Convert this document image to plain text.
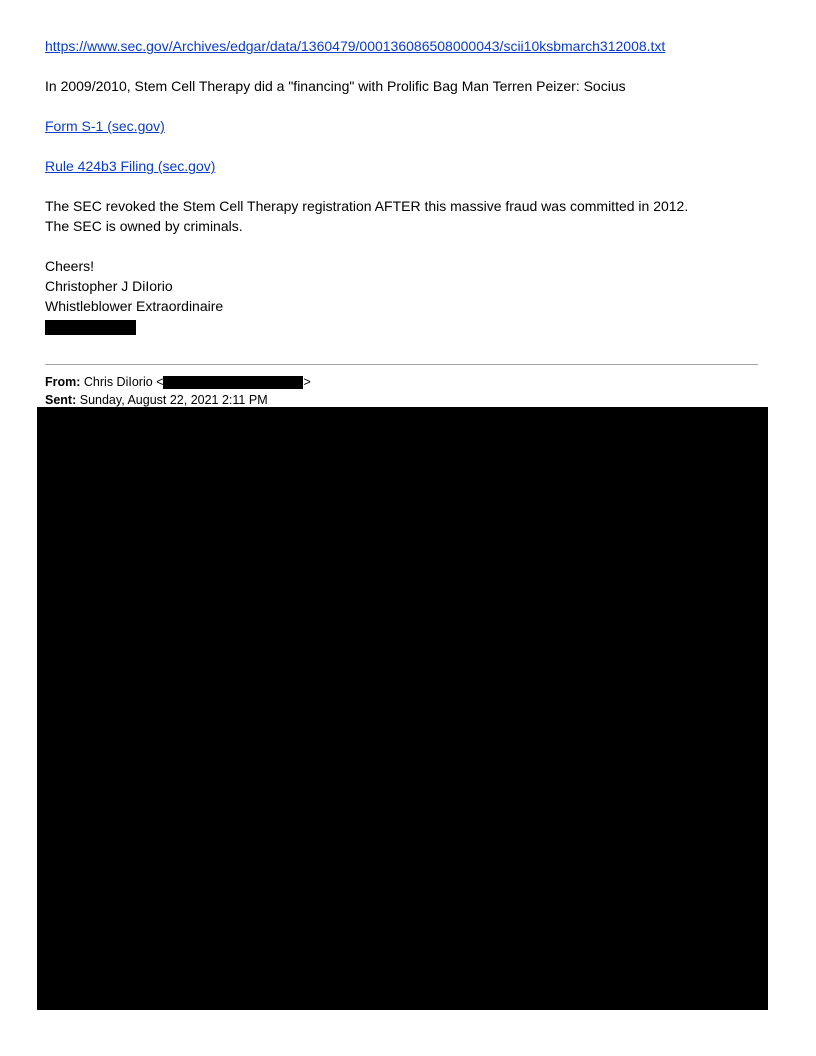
https://www.sec.gov/Archives/edgar/data/1360479/000136086508000043/scii10ksbmarch312008.txt
In 2009/2010, Stem Cell Therapy did a "financing" with Prolific Bag Man Terren Peizer: Socius
Form S-1 (sec.gov)
Rule 424b3 Filing (sec.gov)
The SEC revoked the Stem Cell Therapy registration AFTER this massive fraud was committed in 2012.
The SEC is owned by criminals.
Cheers!
Christopher J DiIorio
Whistleblower Extraordinaire
From: Chris DiIorio <	>
Sent: Sunday, August 22, 2021 2:11 PM
